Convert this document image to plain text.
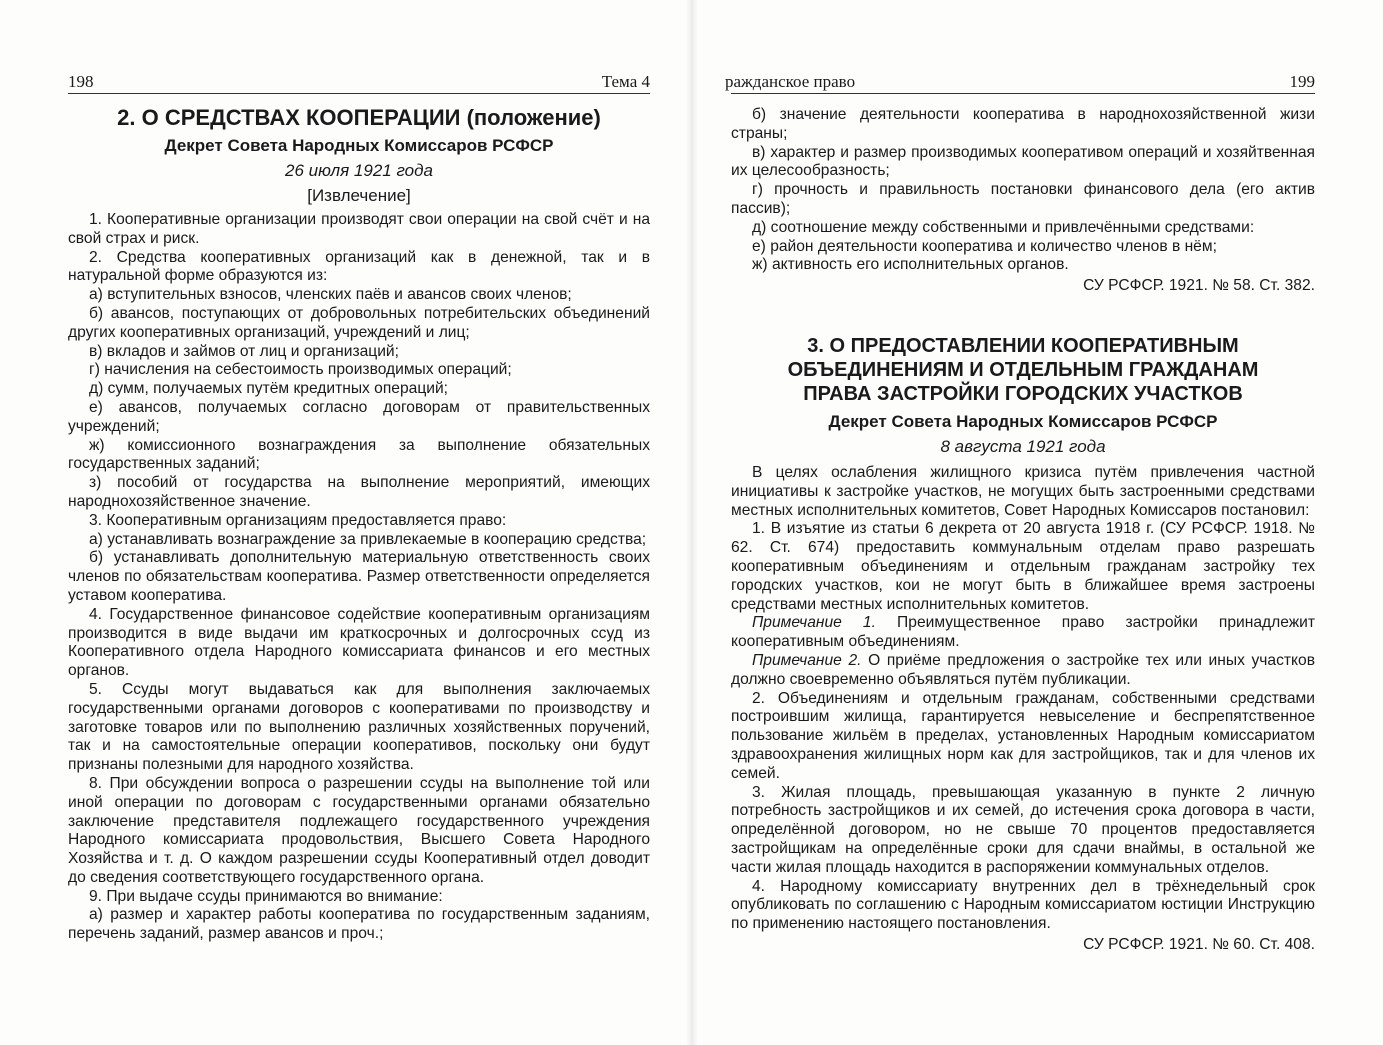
198	Тема 4
2. О СРЕДСТВАХ КООПЕРАЦИИ (положение)
Декрет Совета Народных Комиссаров РСФСР
26 июля 1921 года
[Извлечение]
1. Кооперативные организации производят свои операции на свой счёт и на свой страх и риск.
2. Средства кооперативных организаций как в денежной, так и в натуральной форме образуются из:
а) вступительных взносов, членских паёв и авансов своих членов;
б) авансов, поступающих от добровольных потребительских объединений других кооперативных организаций, учреждений и лиц;
в) вкладов и займов от лиц и организаций;
г) начисления на себестоимость производимых операций;
д) сумм, получаемых путём кредитных операций;
е) авансов, получаемых согласно договорам от правительственных учреждений;
ж) комиссионного вознаграждения за выполнение обязательных государственных заданий;
з) пособий от государства на выполнение мероприятий, имеющих народнохозяйственное значение.
3. Кооперативным организациям предоставляется право:
а) устанавливать вознаграждение за привлекаемые в кооперацию средства;
б) устанавливать дополнительную материальную ответственность своих членов по обязательствам кооператива. Размер ответственности определяется уставом кооператива.
4. Государственное финансовое содействие кооперативным организациям производится в виде выдачи им краткосрочных и долгосрочных ссуд из Кооперативного отдела Народного комиссариата финансов и его местных органов.
5. Ссуды могут выдаваться как для выполнения заключаемых государственными органами договоров с кооперативами по производству и заготовке товаров или по выполнению различных хозяйственных поручений, так и на самостоятельные операции кооперативов, поскольку они будут признаны полезными для народного хозяйства.
8. При обсуждении вопроса о разрешении ссуды на выполнение той или иной операции по договорам с государственными органами обязательно заключение представителя подлежащего государственного учреждения Народного комиссариата продовольствия, Высшего Совета Народного Хозяйства и т. д. О каждом разрешении ссуды Кооперативный отдел доводит до сведения соответствующего государственного органа.
9. При выдаче ссуды принимаются во внимание:
а) размер и характер работы кооператива по государственным заданиям, перечень заданий, размер авансов и проч.;
ражданское право	199
б) значение деятельности кооператива в народнохозяйственной жизи страны;
в) характер и размер производимых кооперативом операций и хозяйтвенная их целесообразность;
г) прочность и правильность постановки финансового дела (его актив пассив);
д) соотношение между собственными и привлечёнными средствами:
е) район деятельности кооператива и количество членов в нём;
ж) активность его исполнительных органов.
СУ РСФСР. 1921. № 58. Ст. 382.
3. О ПРЕДОСТАВЛЕНИИ КООПЕРАТИВНЫМ
ОБЪЕДИНЕНИЯМ И ОТДЕЛЬНЫМ ГРАЖДАНАМ
ПРАВА ЗАСТРОЙКИ ГОРОДСКИХ УЧАСТКОВ
Декрет Совета Народных Комиссаров РСФСР
8 августа 1921 года
В целях ослабления жилищного кризиса путём привлечения частной инициативы к застройке участков, не могущих быть застроенными средствами местных исполнительных комитетов, Совет Народных Комиссаров постановил:
1. В изъятие из статьи 6 декрета от 20 августа 1918 г. (СУ РСФСР. 1918. № 62. Ст. 674) предоставить коммунальным отделам право разрешать кооперативным объединениям и отдельным гражданам застройку тех городских участков, кои не могут быть в ближайшее время застроены средствами местных исполнительных комитетов.
Примечание 1. Преимущественное право застройки принадлежит кооперативным объединениям.
Примечание 2. О приёме предложения о застройке тех или иных участков должно своевременно объявляться путём публикации.
2. Объединениям и отдельным гражданам, собственными средствами построившим жилища, гарантируется невыселение и беспрепятственное пользование жильём в пределах, установленных Народным комиссариатом здравоохранения жилищных норм как для застройщиков, так и для членов их семей.
3. Жилая площадь, превышающая указанную в пункте 2 личную потребность застройщиков и их семей, до истечения срока договора в части, определённой договором, но не свыше 70 процентов предоставляется застройщикам на определённые сроки для сдачи внаймы, в остальной же части жилая площадь находится в распоряжении коммунальных отделов.
4. Народному комиссариату внутренних дел в трёхнедельный срок опубликовать по соглашению с Народным комиссариатом юстиции Инструкцию по применению настоящего постановления.
СУ РСФСР. 1921. № 60. Ст. 408.
